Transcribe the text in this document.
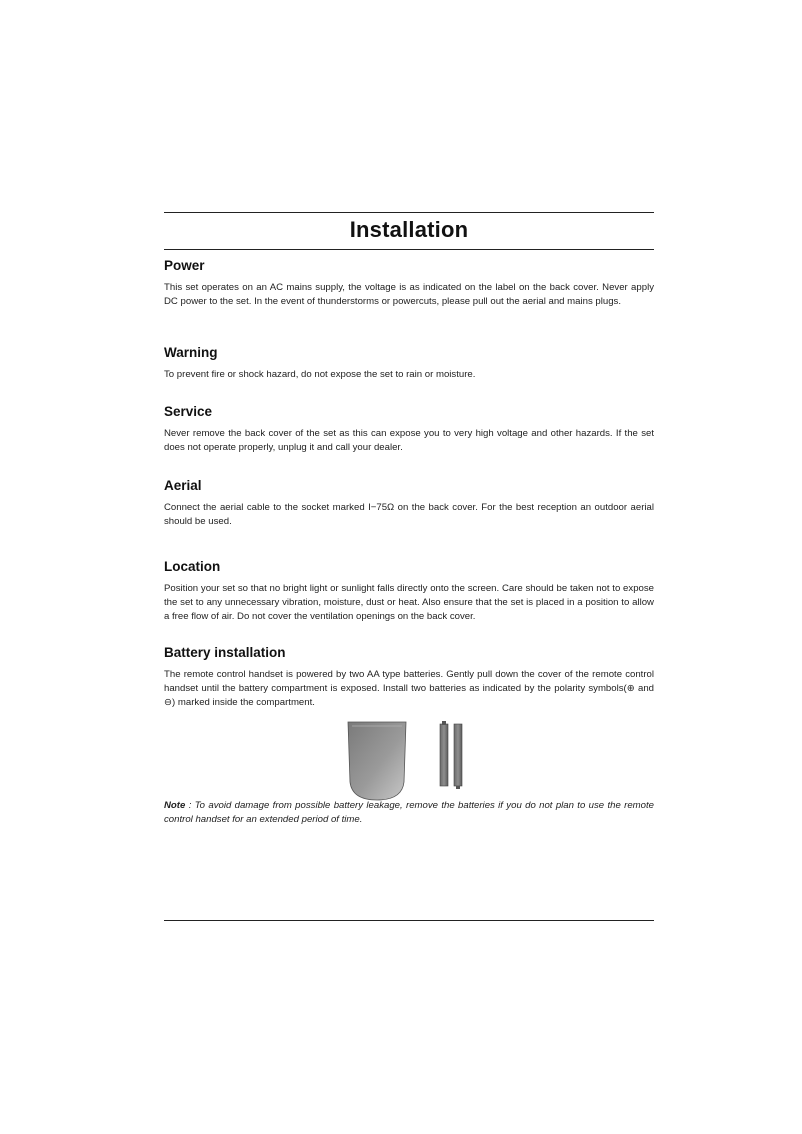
Installation
Power

This set operates on an AC mains supply, the voltage is as indicated on the label on the back cover. Never apply DC power to the set. In the event of thunderstorms or powercuts, please pull out the aerial and mains plugs.

Warning

To prevent fire or shock hazard, do not expose the set to rain or moisture.

Service

Never remove the back cover of the set as this can expose you to very high voltage and other hazards. If the set does not operate properly, unplug it and call your dealer.

Aerial

Connect the aerial cable to the socket marked Ι−75Ω on the back cover. For the best reception an outdoor aerial should be used.

Location

Position your set so that no bright light or sunlight falls directly onto the screen. Care should be taken not to expose the set to any unnecessary vibration, moisture, dust or heat. Also ensure that the set is placed in a position to allow a free flow of air. Do not cover the ventilation openings on the back cover.

Battery installation

The remote control handset is powered by two AA type batteries. Gently pull down the cover of the remote control handset until the battery compartment is exposed. Install two batteries as indicated by the polarity symbols(⊕ and ⊖) marked inside the compartment.

Note : To avoid damage from possible battery leakage, remove the batteries if you do not plan to use the remote control handset for an extended period of time.
